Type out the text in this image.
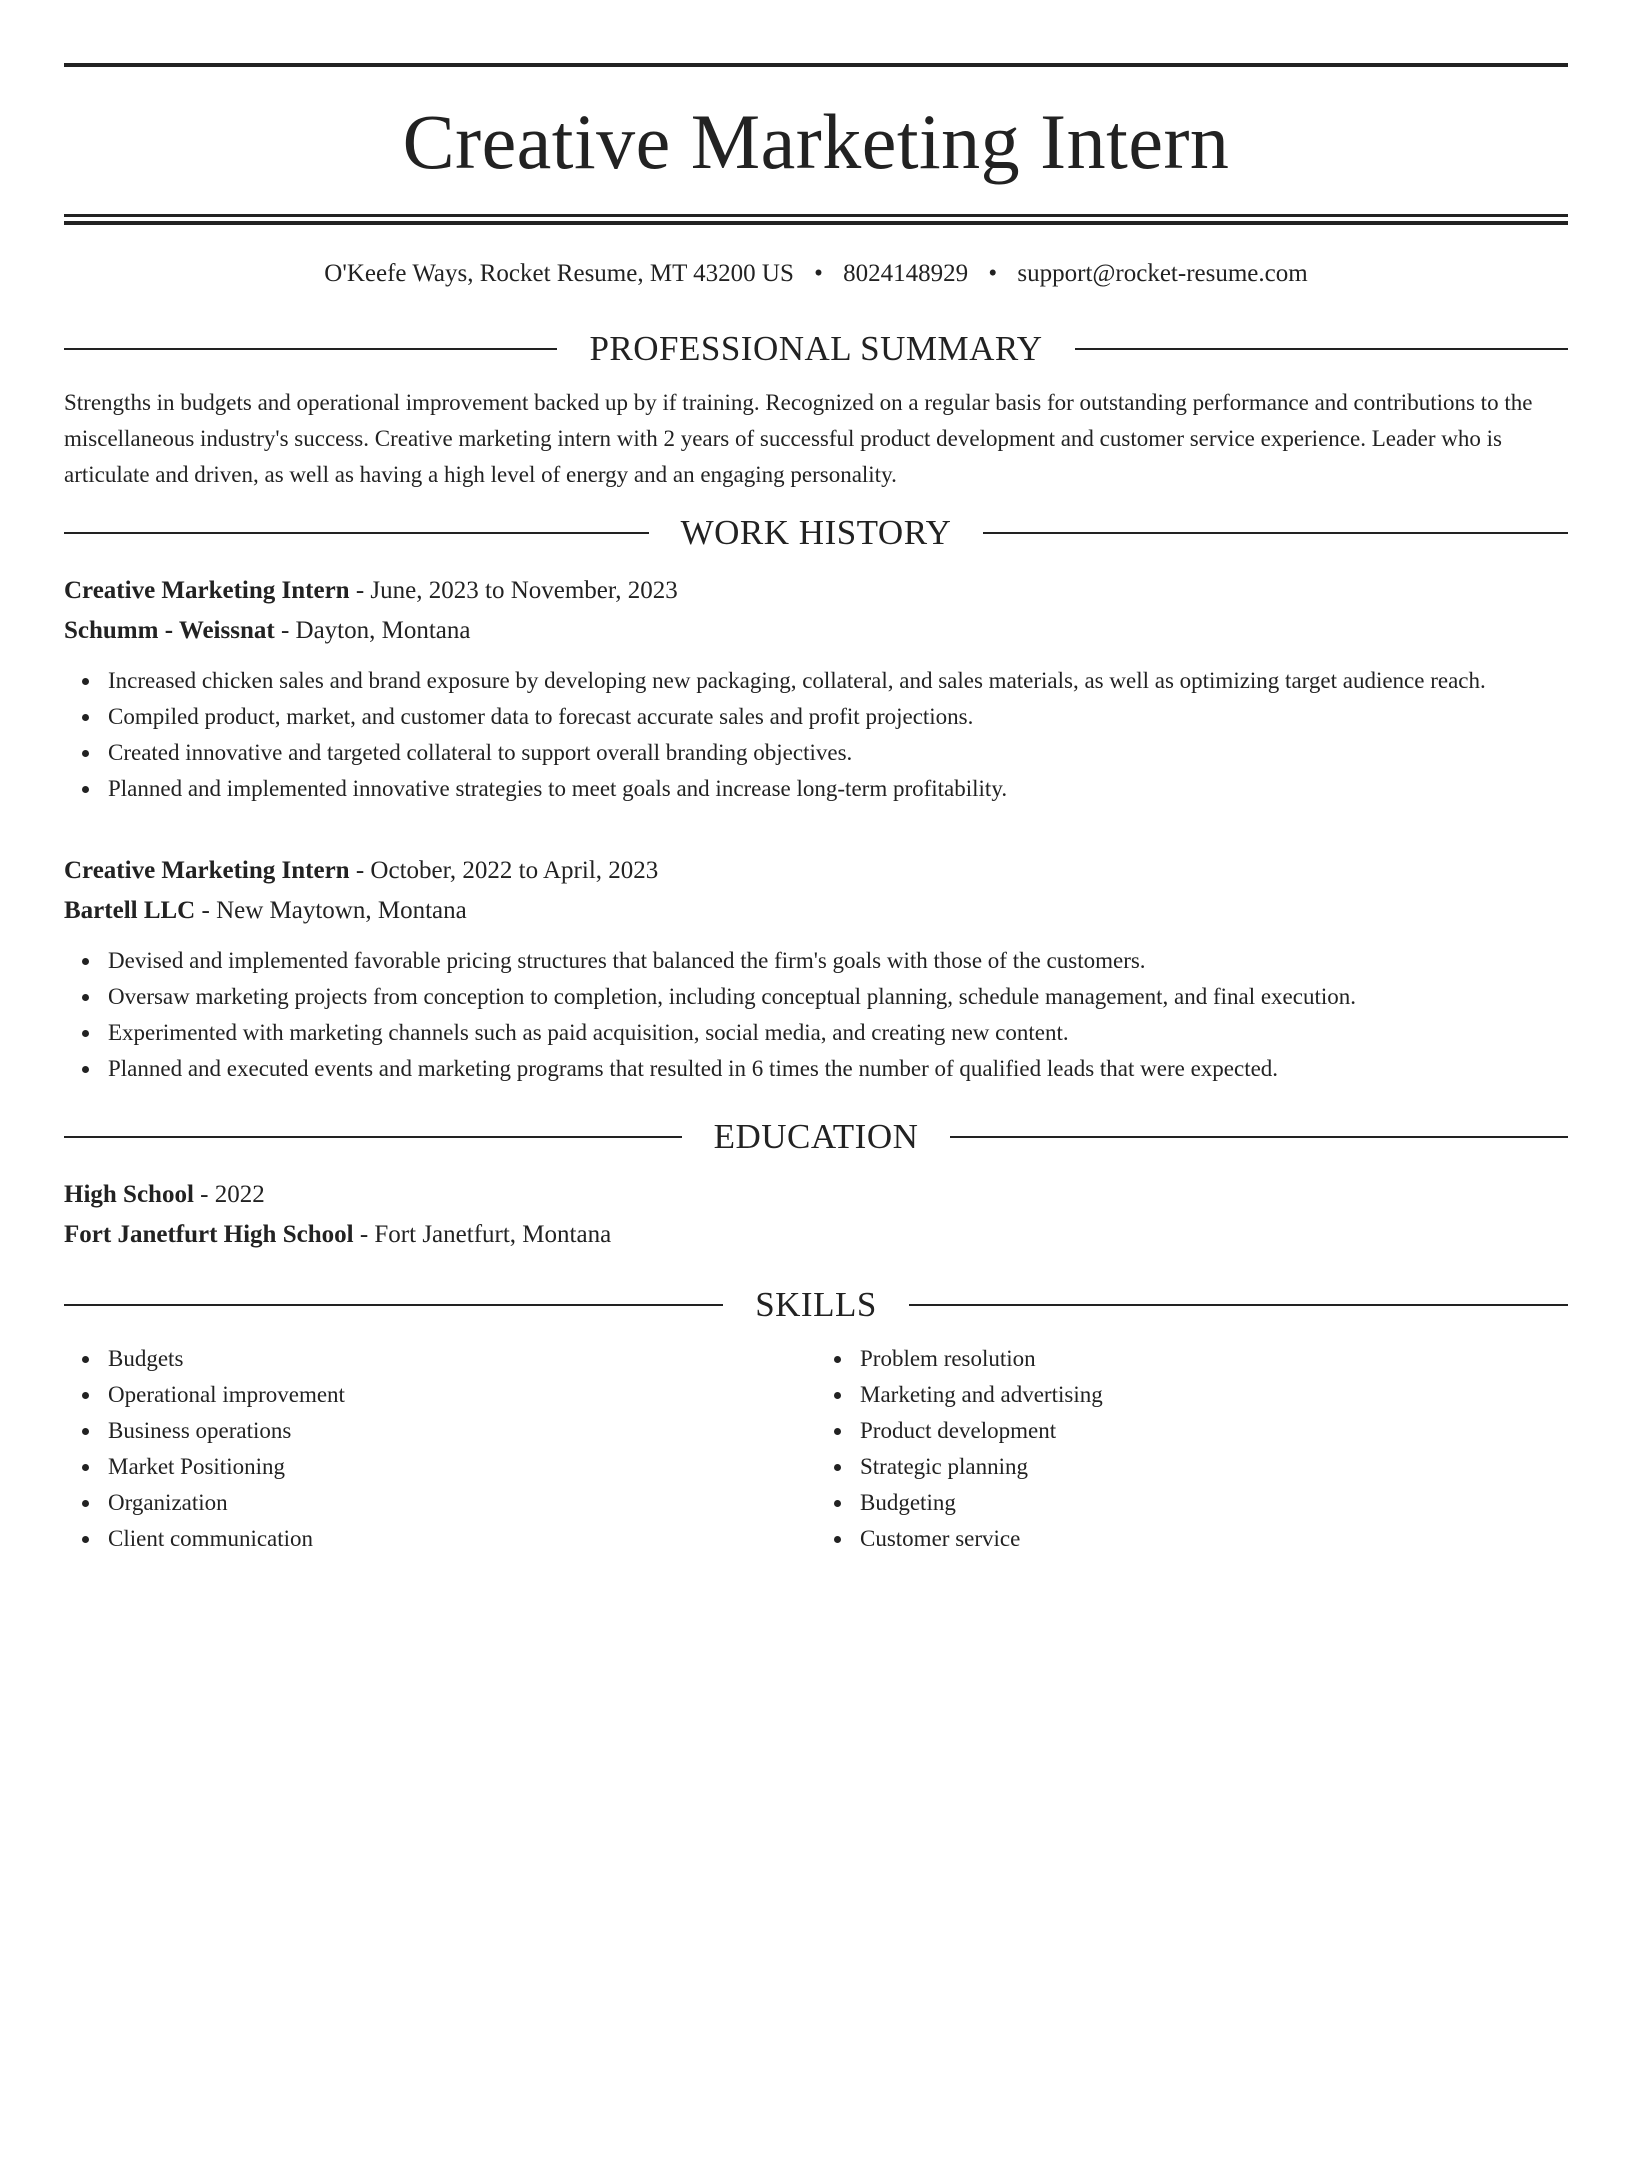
Creative Marketing Intern
O'Keefe Ways, Rocket Resume, MT 43200 US • 8024148929 • support@rocket-resume.com
PROFESSIONAL SUMMARY

Strengths in budgets and operational improvement backed up by if training. Recognized on a regular basis for outstanding performance and contributions to the miscellaneous industry's success. Creative marketing intern with 2 years of successful product development and customer service experience. Leader who is articulate and driven, as well as having a high level of energy and an engaging personality.

WORK HISTORY
Creative Marketing Intern - June, 2023 to November, 2023
Schumm - Weissnat - Dayton, Montana
Increased chicken sales and brand exposure by developing new packaging, collateral, and sales materials, as well as optimizing target audience reach.
Compiled product, market, and customer data to forecast accurate sales and profit projections.
Created innovative and targeted collateral to support overall branding objectives.
Planned and implemented innovative strategies to meet goals and increase long-term profitability.
Creative Marketing Intern - October, 2022 to April, 2023
Bartell LLC - New Maytown, Montana
Devised and implemented favorable pricing structures that balanced the firm's goals with those of the customers.
Oversaw marketing projects from conception to completion, including conceptual planning, schedule management, and final execution.
Experimented with marketing channels such as paid acquisition, social media, and creating new content.
Planned and executed events and marketing programs that resulted in 6 times the number of qualified leads that were expected.
EDUCATION
High School - 2022
Fort Janetfurt High School - Fort Janetfurt, Montana
SKILLS
Budgets
Operational improvement
Business operations
Market Positioning
Organization
Client communication
Problem resolution
Marketing and advertising
Product development
Strategic planning
Budgeting
Customer service
